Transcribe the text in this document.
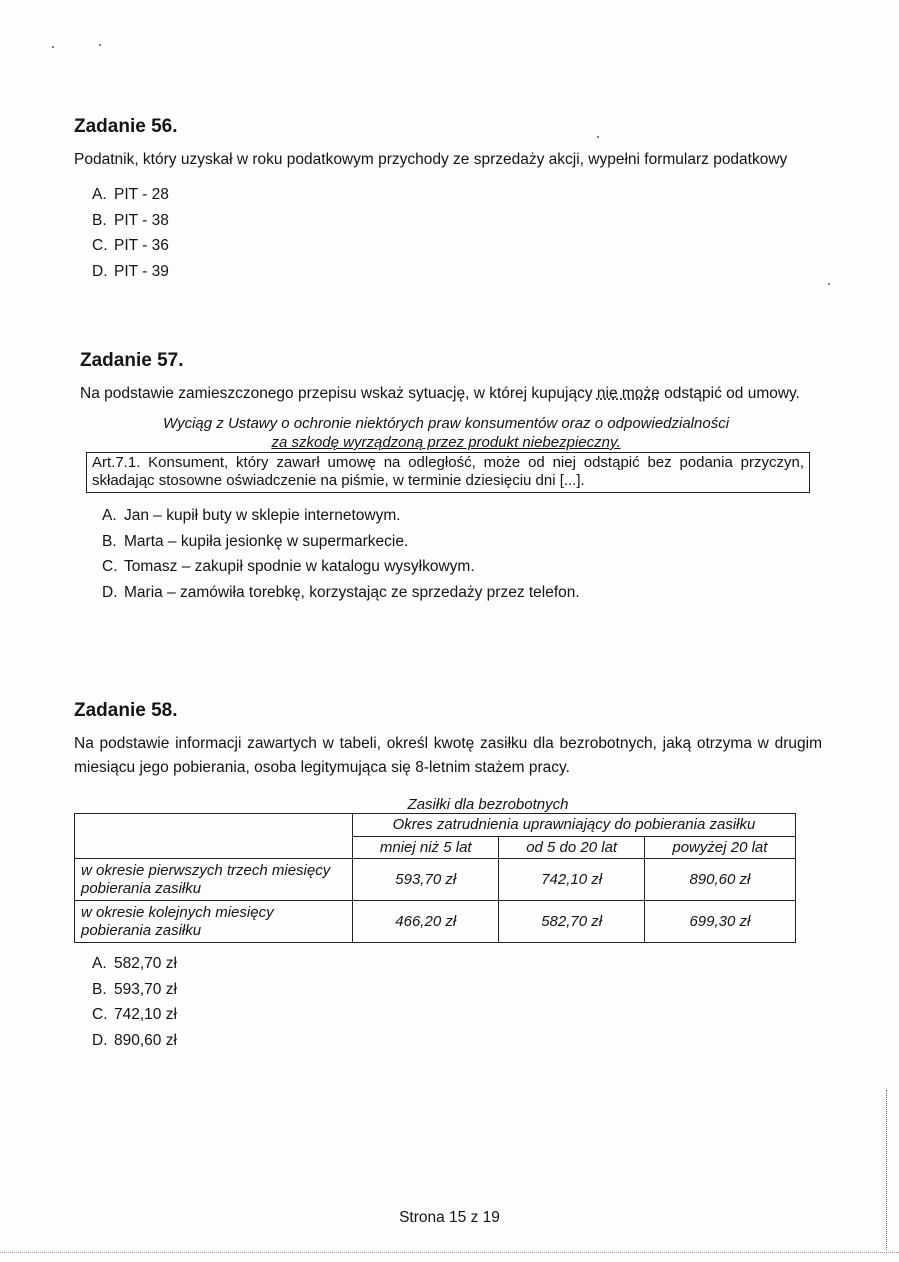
Zadanie 56.

Podatnik, który uzyskał w roku podatkowym przychody ze sprzedaży akcji, wypełni formularz podatkowy

A. PIT - 28
B. PIT - 38
C. PIT - 36
D. PIT - 39
Zadanie 57.

Na podstawie zamieszczonego przepisu wskaż sytuację, w której kupujący nie może odstąpić od umowy.

Wyciąg z Ustawy o ochronie niektórych praw konsumentów oraz o odpowiedzialności
za szkodę wyrządzoną przez produkt niebezpieczny.

Art.7.1. Konsument, który zawarł umowę na odległość, może od niej odstąpić bez podania przyczyn, składając stosowne oświadczenie na piśmie, w terminie dziesięciu dni [...].
A. Jan – kupił buty w sklepie internetowym.
B. Marta – kupiła jesionkę w supermarkecie.
C. Tomasz – zakupił spodnie w katalogu wysyłkowym.
D. Maria – zamówiła torebkę, korzystając ze sprzedaży przez telefon.
Zadanie 58.

Na podstawie informacji zawartych w tabeli, określ kwotę zasiłku dla bezrobotnych, jaką otrzyma w drugim miesiącu jego pobierania, osoba legitymująca się 8-letnim stażem pracy.

Zasiłki dla bezrobotnych
	Okres zatrudnienia uprawniający do pobierania zasiłku		
	mniej niż 5 lat	od 5 do 20 lat	powyżej 20 lat
w okresie pierwszych trzech miesięcy pobierania zasiłku	593,70 zł	742,10 zł	890,60 zł
w okresie kolejnych miesięcy pobierania zasiłku	466,20 zł	582,70 zł	699,30 zł
A. 582,70 zł
B. 593,70 zł
C. 742,10 zł
D. 890,60 zł
Strona 15 z 19
